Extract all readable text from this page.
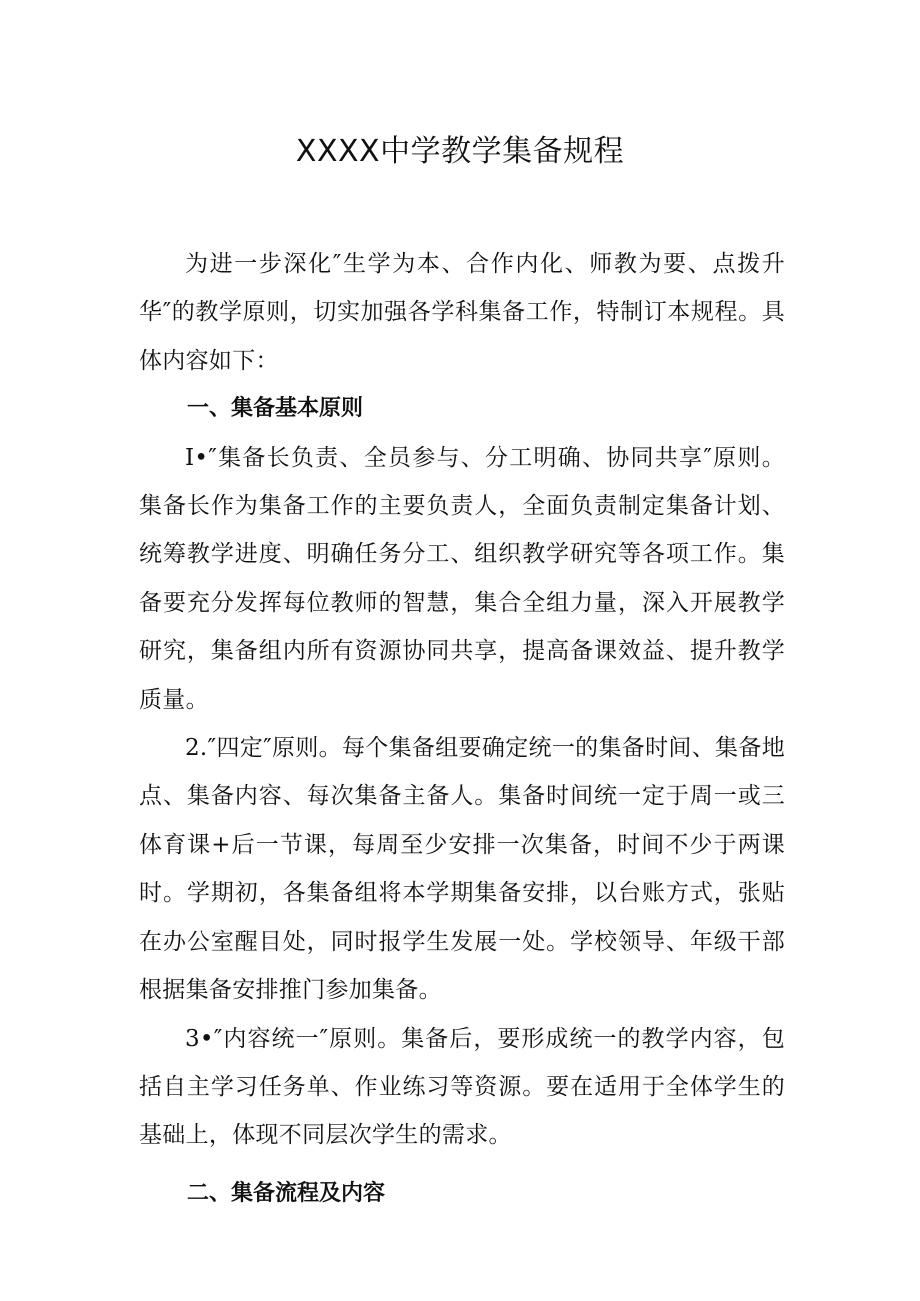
XXXX中学教学集备规程

为进一步深化″生学为本、合作内化、师教为要、点拨升华″的教学原则，切实加强各学科集备工作，特制订本规程。具体内容如下：

一、集备基本原则

I•″集备长负责、全员参与、分工明确、协同共享″原则。集备长作为集备工作的主要负责人，全面负责制定集备计划、统筹教学进度、明确任务分工、组织教学研究等各项工作。集备要充分发挥每位教师的智慧，集合全组力量，深入开展教学研究，集备组内所有资源协同共享，提高备课效益、提升教学质量。

2.″四定″原则。每个集备组要确定统一的集备时间、集备地点、集备内容、每次集备主备人。集备时间统一定于周一或三体育课+后一节课，每周至少安排一次集备，时间不少于两课时。学期初，各集备组将本学期集备安排，以台账方式，张贴在办公室醒目处，同时报学生发展一处。学校领导、年级干部根据集备安排推门参加集备。

3•″内容统一″原则。集备后，要形成统一的教学内容，包括自主学习任务单、作业练习等资源。要在适用于全体学生的基础上，体现不同层次学生的需求。

二、集备流程及内容
